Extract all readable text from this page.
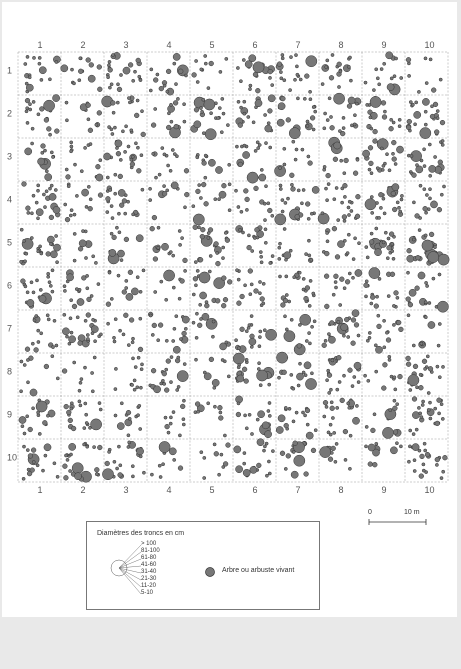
1
1
2
2
3
3
4
4
5
5
6
6
7
7
8
8
9
9
10
10
1
2
3
4
5
6
7
8
9
10
Diamètres des troncs en cm
> 100
81-100
61-80
41-60
31-40
21-30
11-20
5-10
Arbre ou arbuste vivant
0	10 m
